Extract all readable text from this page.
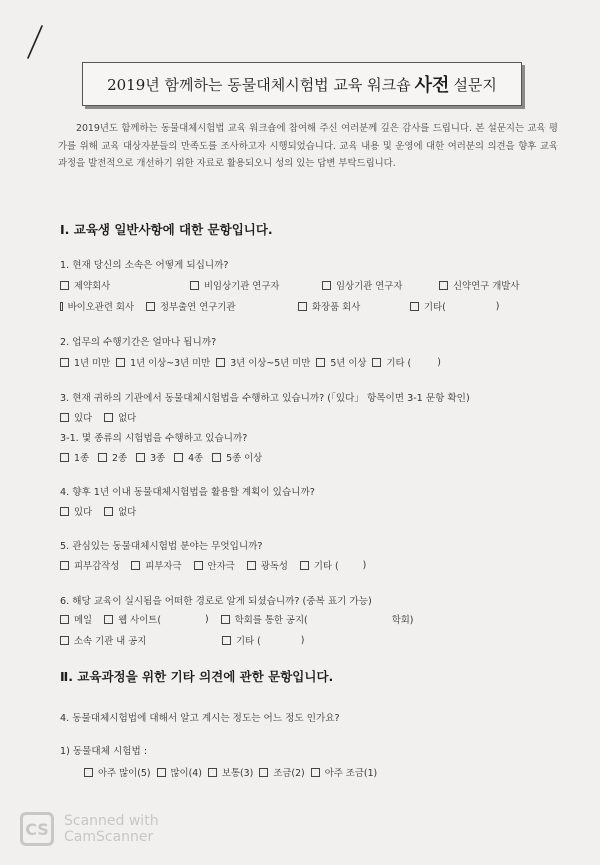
2019년 함께하는 동물대체시험법 교육 워크숍 사전 설문지

2019년도 함께하는 동물대체시험법 교육 워크숍에 참여해 주신 여러분께 깊은 감사를 드립니다. 본 설문지는 교육 평가를 위해 교육 대상자분들의 만족도를 조사하고자 시행되었습니다. 교육 내용 및 운영에 대한 여러분의 의견을 향후 교육 과정을 발전적으로 개선하기 위한 자료로 활용되오니 성의 있는 답변 부탁드립니다.

Ⅰ. 교육생 일반사항에 대한 문항입니다.

1. 현재 당신의 소속은 어떻게 되십니까?

제약회사	비임상기관 연구자	임상기관 연구자	신약연구 개발사
바이오관련 회사	정부출연 연구기관	화장품 회사	기타(	)

2. 업무의 수행기간은 얼마나 됩니까?

1년 미만 1년 이상~3년 미만 3년 이상~5년 미만 5년 이상 기타 (	)

3. 현재 귀하의 기관에서 동물대체시험법을 수행하고 있습니까? (「있다」 항목이면 3-1 문항 확인)

있다	없다

3-1. 몇 종류의 시험법을 수행하고 있습니까?

1종 2종 3종 4종 5종 이상

4. 향후 1년 이내 동물대체시험법을 활용할 계획이 있습니까?

있다	없다

5. 관심있는 동물대체시험법 분야는 무엇입니까?

피부감작성	피부자극	안자극	광독성	기타 (	)

6. 해당 교육이 실시됨을 어떠한 경로로 알게 되셨습니까? (중복 표기 가능)

메일	웹 사이트(	)	학회를 통한 공지(	학회)
소속 기관 내 공지	기타 (	)
Ⅱ. 교육과정을 위한 기타 의견에 관한 문항입니다.

4. 동물대체시험법에 대해서 알고 계시는 정도는 어느 정도 인가요?

1) 동물대체 시험법 :

아주 많이(5) 많이(4) 보통(3) 조금(2) 아주 조금(1)
CS	Scanned with
CamScanner
